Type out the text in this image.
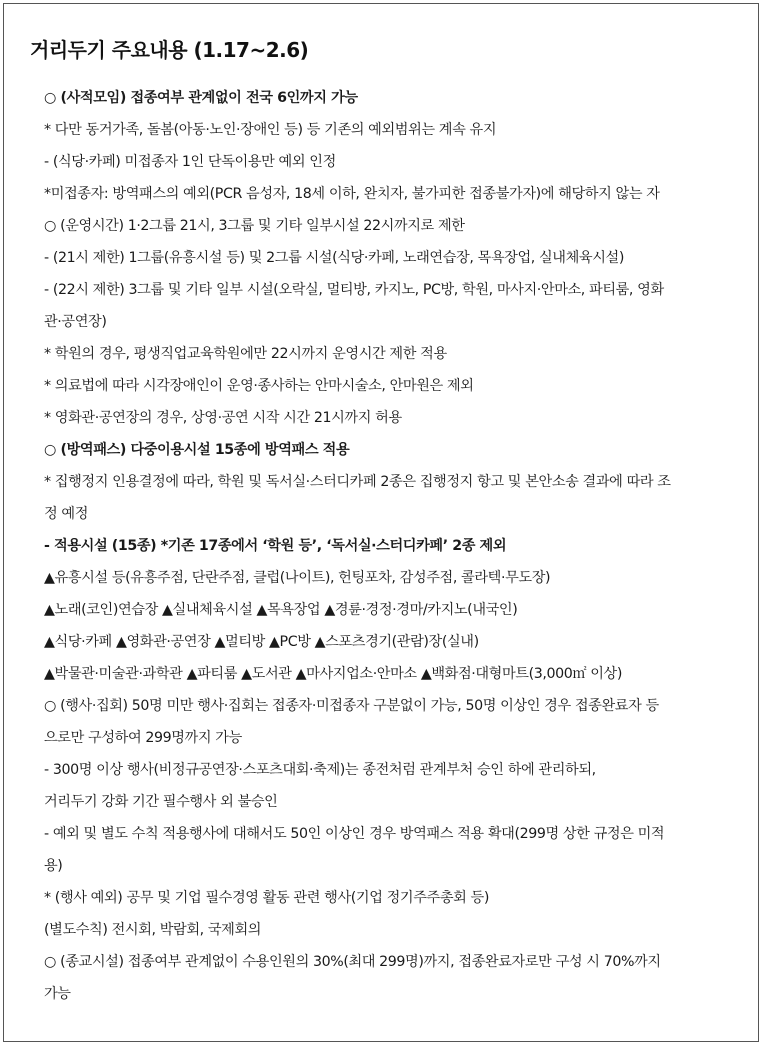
거리두기 주요내용 (1.17~2.6)
○ (사적모임) 접종여부 관계없이 전국 6인까지 가능
* 다만 동거가족, 돌봄(아동·노인·장애인 등) 등 기존의 예외범위는 계속 유지
- (식당·카페) 미접종자 1인 단독이용만 예외 인정
*미접종자: 방역패스의 예외(PCR 음성자, 18세 이하, 완치자, 불가피한 접종불가자)에 해당하지 않는 자
○ (운영시간) 1·2그룹 21시, 3그룹 및 기타 일부시설 22시까지로 제한
- (21시 제한) 1그룹(유흥시설 등) 및 2그룹 시설(식당·카페, 노래연습장, 목욕장업, 실내체육시설)
- (22시 제한) 3그룹 및 기타 일부 시설(오락실, 멀티방, 카지노, PC방, 학원, 마사지·안마소, 파티룸, 영화
관·공연장)
* 학원의 경우, 평생직업교육학원에만 22시까지 운영시간 제한 적용
* 의료법에 따라 시각장애인이 운영·종사하는 안마시술소, 안마원은 제외
* 영화관·공연장의 경우, 상영·공연 시작 시간 21시까지 허용
○ (방역패스) 다중이용시설 15종에 방역패스 적용
* 집행정지 인용결정에 따라, 학원 및 독서실·스터디카페 2종은 집행정지 항고 및 본안소송 결과에 따라 조
정 예정
- 적용시설 (15종) *기존 17종에서 ‘학원 등’, ‘독서실·스터디카페’ 2종 제외
▲유흥시설 등(유흥주점, 단란주점, 클럽(나이트), 헌팅포차, 감성주점, 콜라텍·무도장)
▲노래(코인)연습장 ▲실내체육시설 ▲목욕장업 ▲경륜·경정·경마/카지노(내국인)
▲식당·카페 ▲영화관·공연장 ▲멀티방 ▲PC방 ▲스포츠경기(관람)장(실내)
▲박물관·미술관·과학관 ▲파티룸 ▲도서관 ▲마사지업소·안마소 ▲백화점·대형마트(3,000㎡ 이상)
○ (행사·집회) 50명 미만 행사·집회는 접종자·미접종자 구분없이 가능, 50명 이상인 경우 접종완료자 등
으로만 구성하여 299명까지 가능
- 300명 이상 행사(비정규공연장·스포츠대회·축제)는 종전처럼 관계부처 승인 하에 관리하되,
거리두기 강화 기간 필수행사 외 불승인
- 예외 및 별도 수칙 적용행사에 대해서도 50인 이상인 경우 방역패스 적용 확대(299명 상한 규정은 미적
용)
* (행사 예외) 공무 및 기업 필수경영 활동 관련 행사(기업 정기주주총회 등)
(별도수칙) 전시회, 박람회, 국제회의
○ (종교시설) 접종여부 관계없이 수용인원의 30%(최대 299명)까지, 접종완료자로만 구성 시 70%까지
가능
